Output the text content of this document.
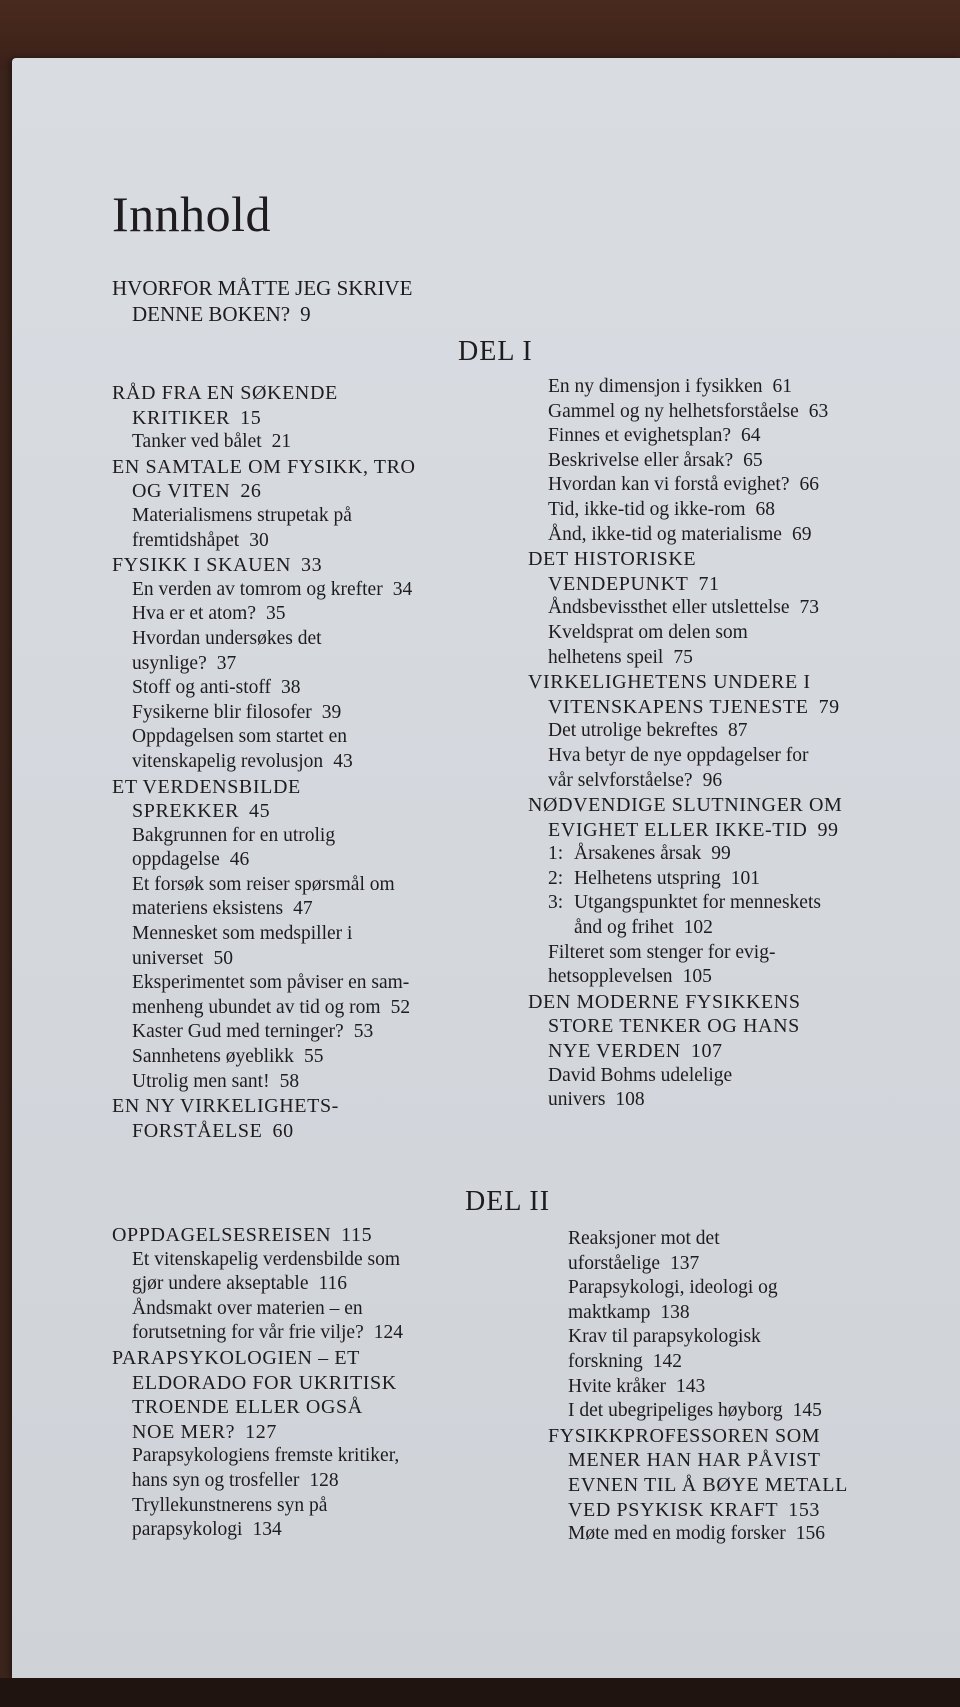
Innhold
HVORFOR MÅTTE JEG SKRIVE
DENNE BOKEN? 9
DEL I
RÅD FRA EN SØKENDE
KRITIKER 15
Tanker ved bålet 21
EN SAMTALE OM FYSIKK, TRO
OG VITEN 26
Materialismens strupetak på
fremtidshåpet 30
FYSIKK I SKAUEN 33
En verden av tomrom og krefter 34
Hva er et atom? 35
Hvordan undersøkes det
usynlige? 37
Stoff og anti-stoff 38
Fysikerne blir filosofer 39
Oppdagelsen som startet en
vitenskapelig revolusjon 43
ET VERDENSBILDE
SPREKKER 45
Bakgrunnen for en utrolig
oppdagelse 46
Et forsøk som reiser spørsmål om
materiens eksistens 47
Mennesket som medspiller i
universet 50
Eksperimentet som påviser en sam-
menheng ubundet av tid og rom 52
Kaster Gud med terninger? 53
Sannhetens øyeblikk 55
Utrolig men sant! 58
EN NY VIRKELIGHETS-
FORSTÅELSE 60
En ny dimensjon i fysikken 61
Gammel og ny helhetsforståelse 63
Finnes et evighetsplan? 64
Beskrivelse eller årsak? 65
Hvordan kan vi forstå evighet? 66
Tid, ikke-tid og ikke-rom 68
Ånd, ikke-tid og materialisme 69
DET HISTORISKE
VENDEPUNKT 71
Åndsbevissthet eller utslettelse 73
Kveldsprat om delen som
helhetens speil 75
VIRKELIGHETENS UNDERE I
VITENSKAPENS TJENESTE 79
Det utrolige bekreftes 87
Hva betyr de nye oppdagelser for
vår selvforståelse? 96
NØDVENDIGE SLUTNINGER OM
EVIGHET ELLER IKKE-TID 99
1: Årsakenes årsak 99
2: Helhetens utspring 101
3: Utgangspunktet for menneskets
ånd og frihet 102
Filteret som stenger for evig-
hetsopplevelsen 105
DEN MODERNE FYSIKKENS
STORE TENKER OG HANS
NYE VERDEN 107
David Bohms udelelige
univers 108
DEL II
OPPDAGELSESREISEN 115
Et vitenskapelig verdensbilde som
gjør undere akseptable 116
Åndsmakt over materien – en
forutsetning for vår frie vilje? 124
PARAPSYKOLOGIEN – ET
ELDORADO FOR UKRITISK
TROENDE ELLER OGSÅ
NOE MER? 127
Parapsykologiens fremste kritiker,
hans syn og trosfeller 128
Tryllekunstnerens syn på
parapsykologi 134
Reaksjoner mot det
uforståelige 137
Parapsykologi, ideologi og
maktkamp 138
Krav til parapsykologisk
forskning 142
Hvite kråker 143
I det ubegripeliges høyborg 145
FYSIKKPROFESSOREN SOM
MENER HAN HAR PÅVIST
EVNEN TIL Å BØYE METALL
VED PSYKISK KRAFT 153
Møte med en modig forsker 156
